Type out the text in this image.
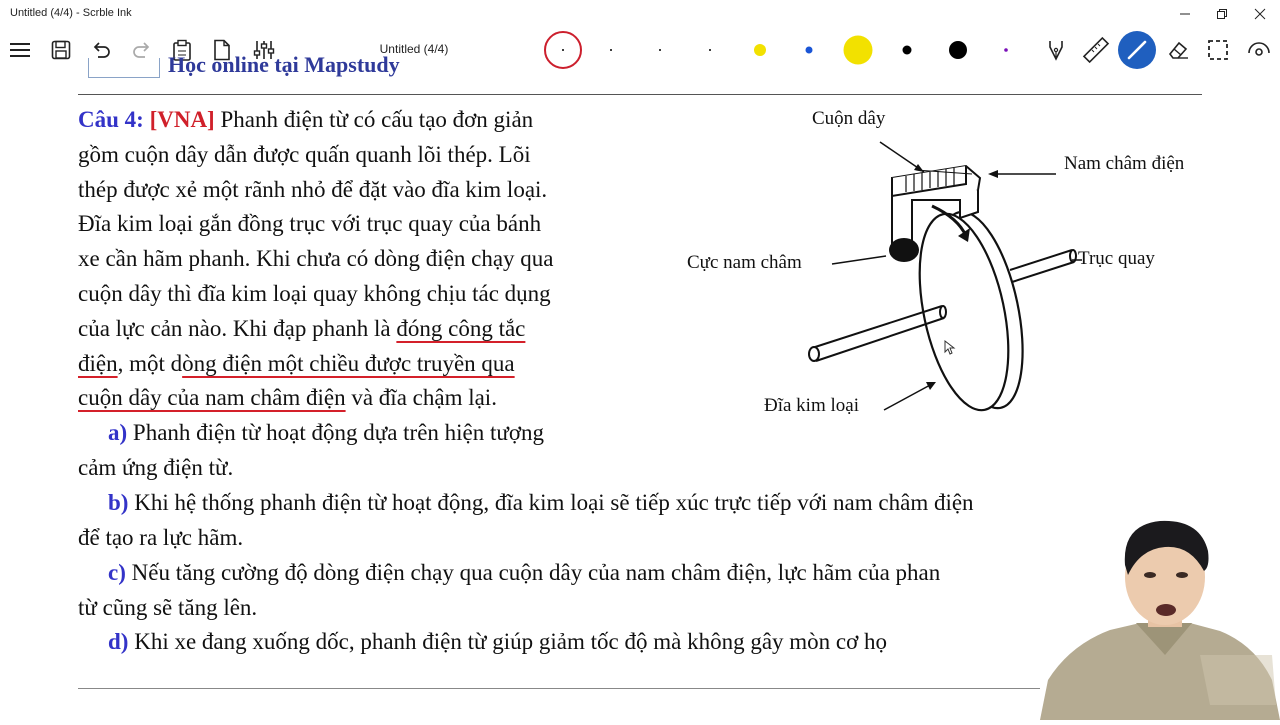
Untitled (4/4) - Scrble Ink
Untitled (4/4)
Học online tại Mapstudy
Câu 4: [VNA] Phanh điện từ có cấu tạo đơn giản
gồm cuộn dây dẫn được quấn quanh lõi thép. Lõi
thép được xẻ một rãnh nhỏ để đặt vào đĩa kim loại.
Đĩa kim loại gắn đồng trục với trục quay của bánh
xe cần hãm phanh. Khi chưa có dòng điện chạy qua
cuộn dây thì đĩa kim loại quay không chịu tác dụng
của lực cản nào. Khi đạp phanh là đóng công tắc
điện, một dòng điện một chiều được truyền qua
cuộn dây của nam châm điện và đĩa chậm lại.
a) Phanh điện từ hoạt động dựa trên hiện tượng
cảm ứng điện từ.
b) Khi hệ thống phanh điện từ hoạt động, đĩa kim loại sẽ tiếp xúc trực tiếp với nam châm điện
để tạo ra lực hãm.
c) Nếu tăng cường độ dòng điện chạy qua cuộn dây của nam châm điện, lực hãm của phan
từ cũng sẽ tăng lên.
d) Khi xe đang xuống dốc, phanh điện từ giúp giảm tốc độ mà không gây mòn cơ họ
Cuộn dây
Nam châm điện
Cực nam châm	Trục quay
Đĩa kim loại
